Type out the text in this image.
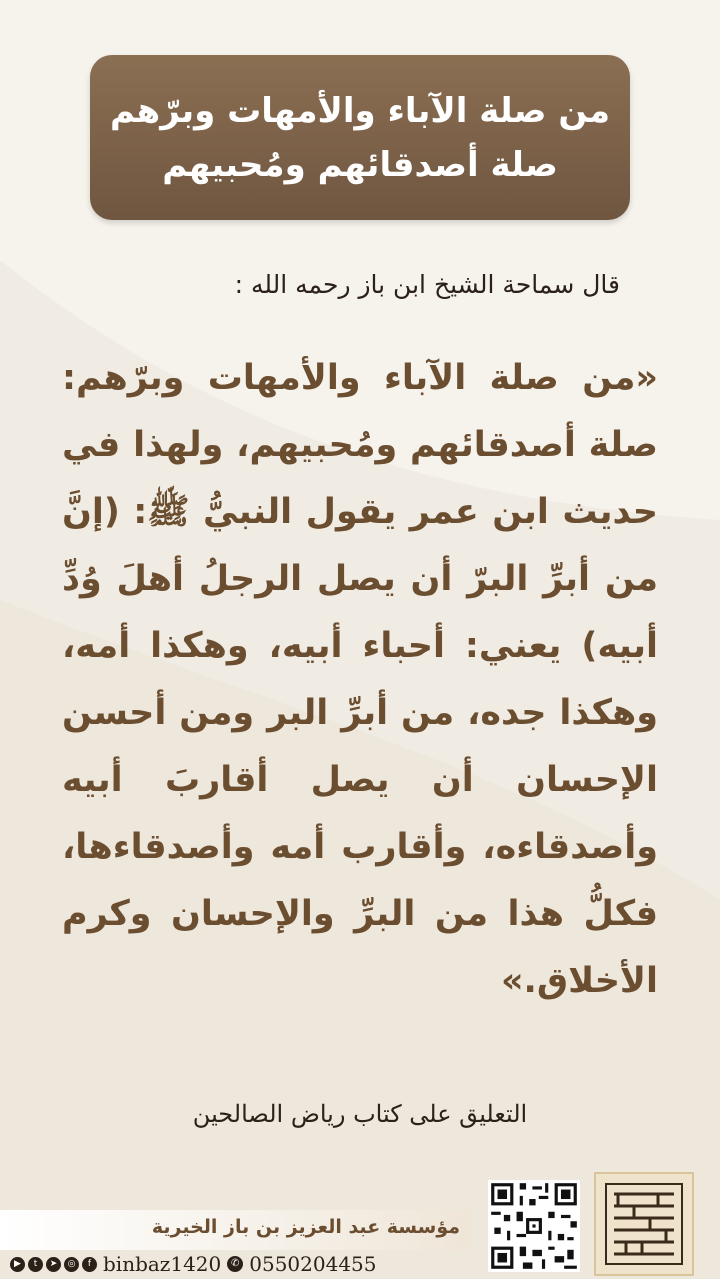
من صلة الآباء والأمهات وبرّهم
صلة أصدقائهم ومُحبيهم
قال سماحة الشيخ ابن باز رحمه الله :
«من صلة الآباء والأمهات وبرّهم: صلة أصدقائهم ومُحبيهم، ولهذا في حديث ابن عمر يقول النبيُّ ﷺ: (إنَّ من أبرِّ البرّ أن يصل الرجلُ أهلَ وُدِّ أبيه) يعني: أحباء أبيه، وهكذا أمه، وهكذا جده، من أبرِّ البر ومن أحسن الإحسان أن يصل أقاربَ أبيه وأصدقاءه، وأقارب أمه وأصدقاءها، فكلُّ هذا من البرِّ والإحسان وكرم الأخلاق.»
التعليق على كتاب رياض الصالحين
مؤسسة عبد العزيز بن باز الخيرية
▶	t	➤	◎	f binbaz1420 ✆ 0550204455
